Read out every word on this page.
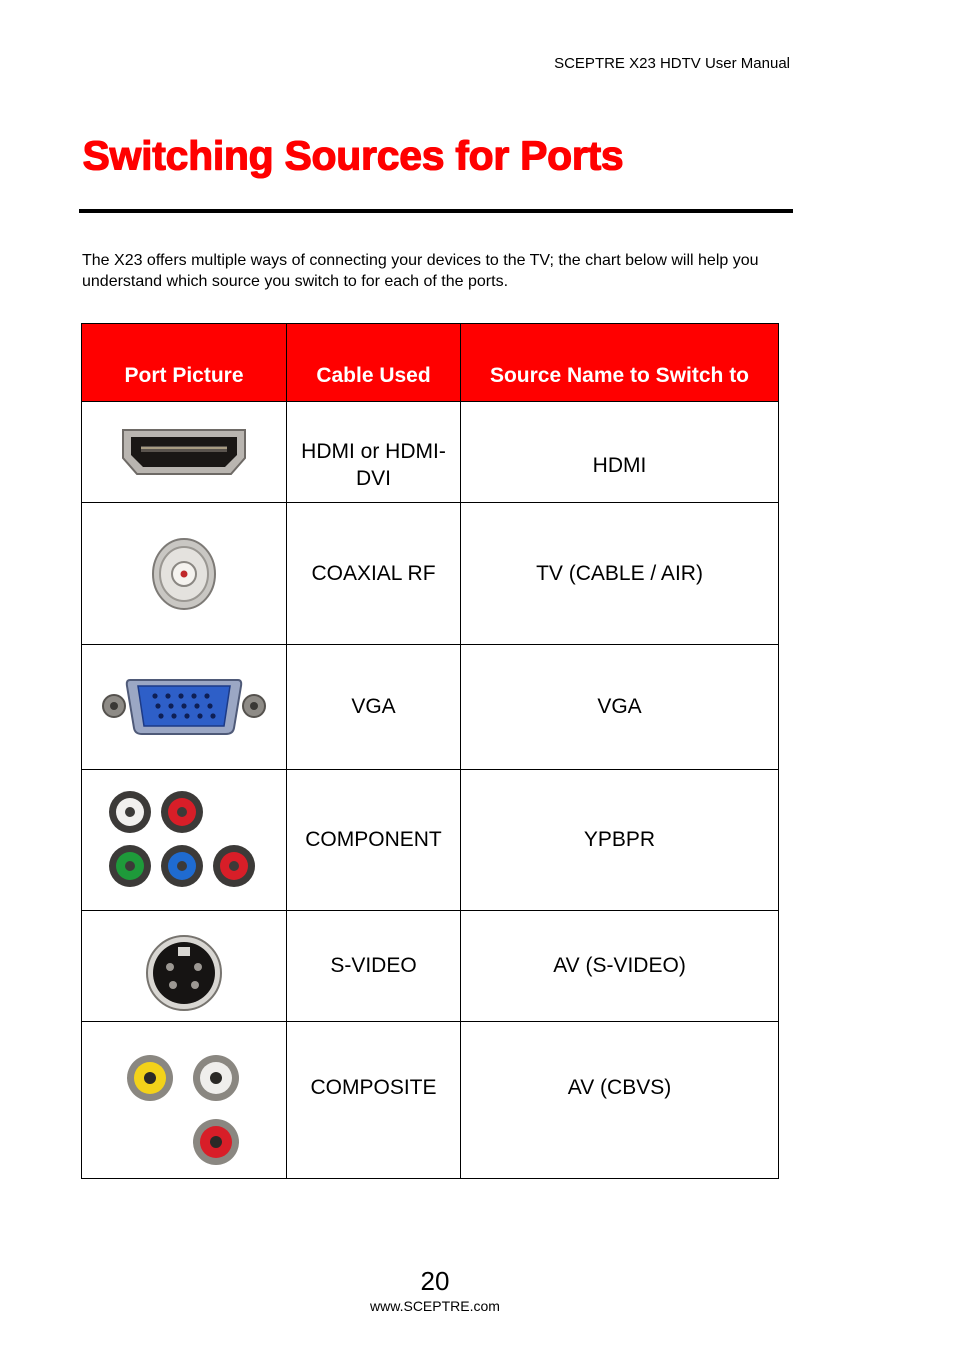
SCEPTRE X23 HDTV User Manual
Switching Sources for Ports

The X23 offers multiple ways of connecting your devices to the TV; the chart below will help you understand which source you switch to for each of the ports.

Port Picture	Cable Used	Source Name to Switch to

	HDMI or HDMI-DVI	HDMI

	COAXIAL RF	TV (CABLE / AIR)

	VGA	VGA

	COMPONENT	YPBPR

	S-VIDEO	AV (S-VIDEO)

	COMPOSITE	AV (CBVS)
20
www.SCEPTRE.com
